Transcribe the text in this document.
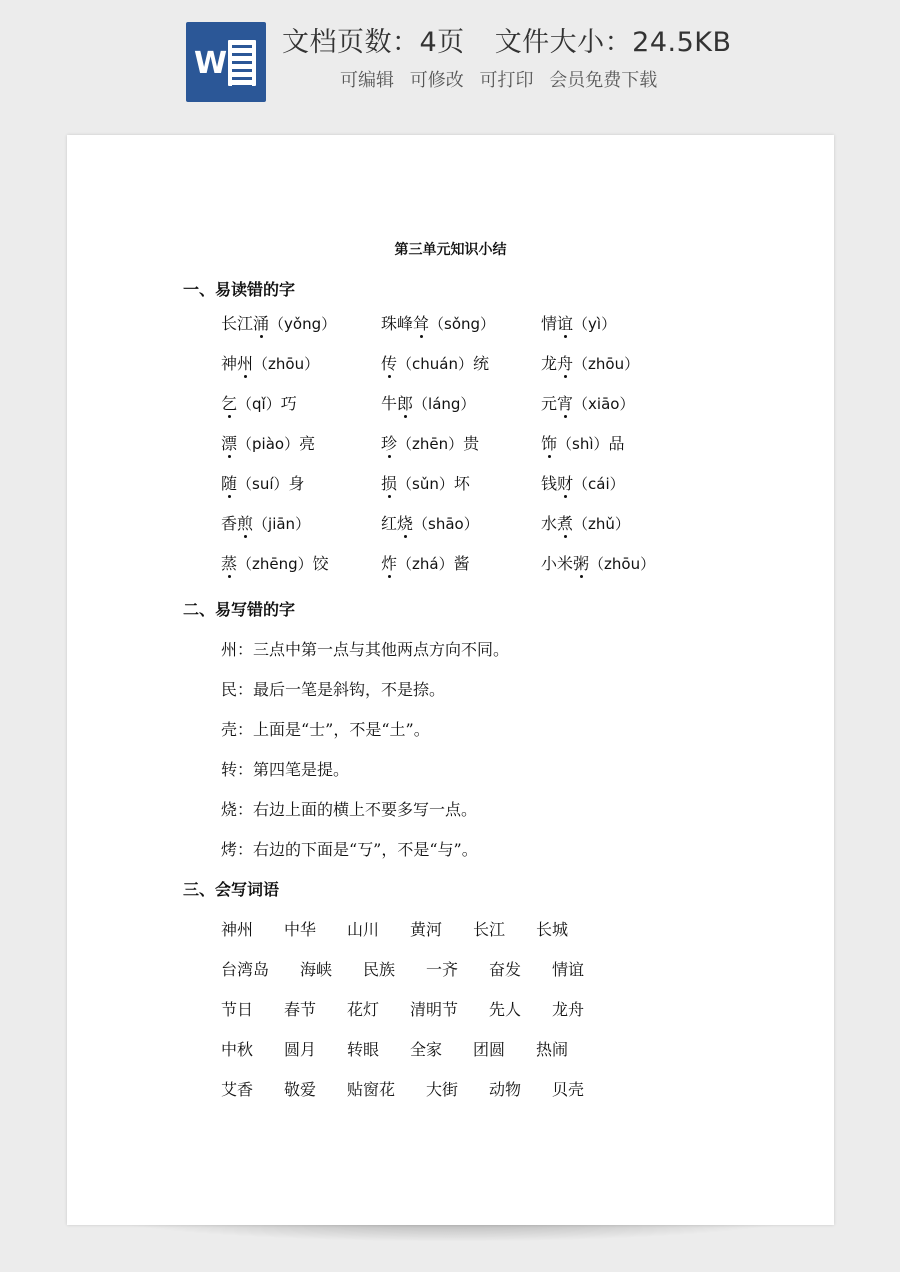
W
文档页数：4页 文件大小：24.5KB
可编辑 可修改 可打印 会员免费下载
第三单元知识小结
一、易读错的字
长江涌（yǒng）	珠峰耸（sǒng）	情谊（yì）
神州（zhōu）	传（chuán）统	龙舟（zhōu）
乞（qǐ）巧	牛郎（láng）	元宵（xiāo）
漂（piào）亮	珍（zhēn）贵	饰（shì）品
随（suí）身	损（sǔn）坏	钱财（cái）
香煎（jiān）	红烧（shāo）	水煮（zhǔ）
蒸（zhēng）饺	炸（zhá）酱	小米粥（zhōu）
二、易写错的字
州：三点中第一点与其他两点方向不同。
民：最后一笔是斜钩，不是捺。
壳：上面是“士”，不是“土”。
转：第四笔是提。
烧：右边上面的横上不要多写一点。
烤：右边的下面是“丂”，不是“与”。
三、会写词语
神州 中华 山川 黄河 长江 长城
台湾岛 海峡 民族 一齐 奋发 情谊
节日 春节 花灯 清明节 先人 龙舟
中秋 圆月 转眼 全家 团圆 热闹
艾香 敬爱 贴窗花 大街 动物 贝壳
